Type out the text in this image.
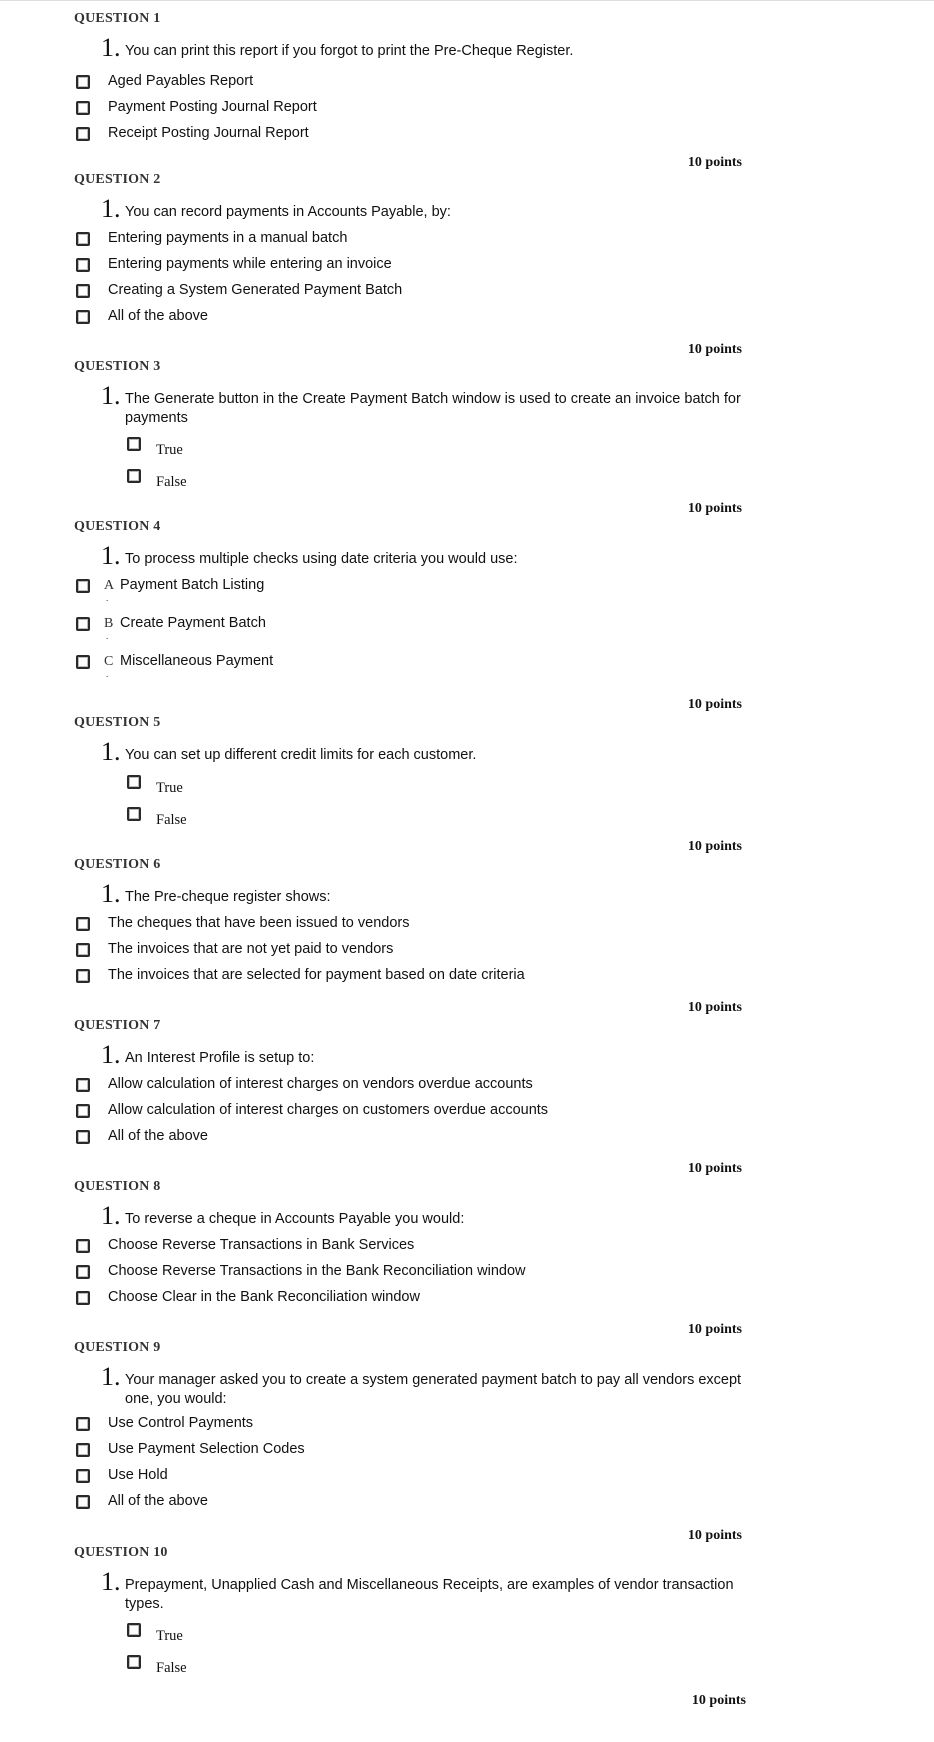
QUESTION 1
1. You can print this report if you forgot to print the Pre-Cheque Register.
Aged Payables Report
Payment Posting Journal Report
Receipt Posting Journal Report
10 points
QUESTION 2
1. You can record payments in Accounts Payable, by:
Entering payments in a manual batch
Entering payments while entering an invoice
Creating a System Generated Payment Batch
All of the above
10 points
QUESTION 3
1. The Generate button in the Create Payment Batch window is used to create an invoice batch for payments
True
False
10 points
QUESTION 4
1. To process multiple checks using date criteria you would use:
A
.
Payment Batch Listing
B
.
Create Payment Batch
C
.
Miscellaneous Payment
10 points
QUESTION 5
1. You can set up different credit limits for each customer.
True
False
10 points
QUESTION 6
1. The Pre-cheque register shows:
The cheques that have been issued to vendors
The invoices that are not yet paid to vendors
The invoices that are selected for payment based on date criteria
10 points
QUESTION 7
1. An Interest Profile is setup to:
Allow calculation of interest charges on vendors overdue accounts
Allow calculation of interest charges on customers overdue accounts
All of the above
10 points
QUESTION 8
1. To reverse a cheque in Accounts Payable you would:
Choose Reverse Transactions in Bank Services
Choose Reverse Transactions in the Bank Reconciliation window
Choose Clear in the Bank Reconciliation window
10 points
QUESTION 9
1. Your manager asked you to create a system generated payment batch to pay all vendors except one, you would:
Use Control Payments
Use Payment Selection Codes
Use Hold
All of the above
10 points
QUESTION 10
1. Prepayment, Unapplied Cash and Miscellaneous Receipts, are examples of vendor transaction types.
True
False
10 points
